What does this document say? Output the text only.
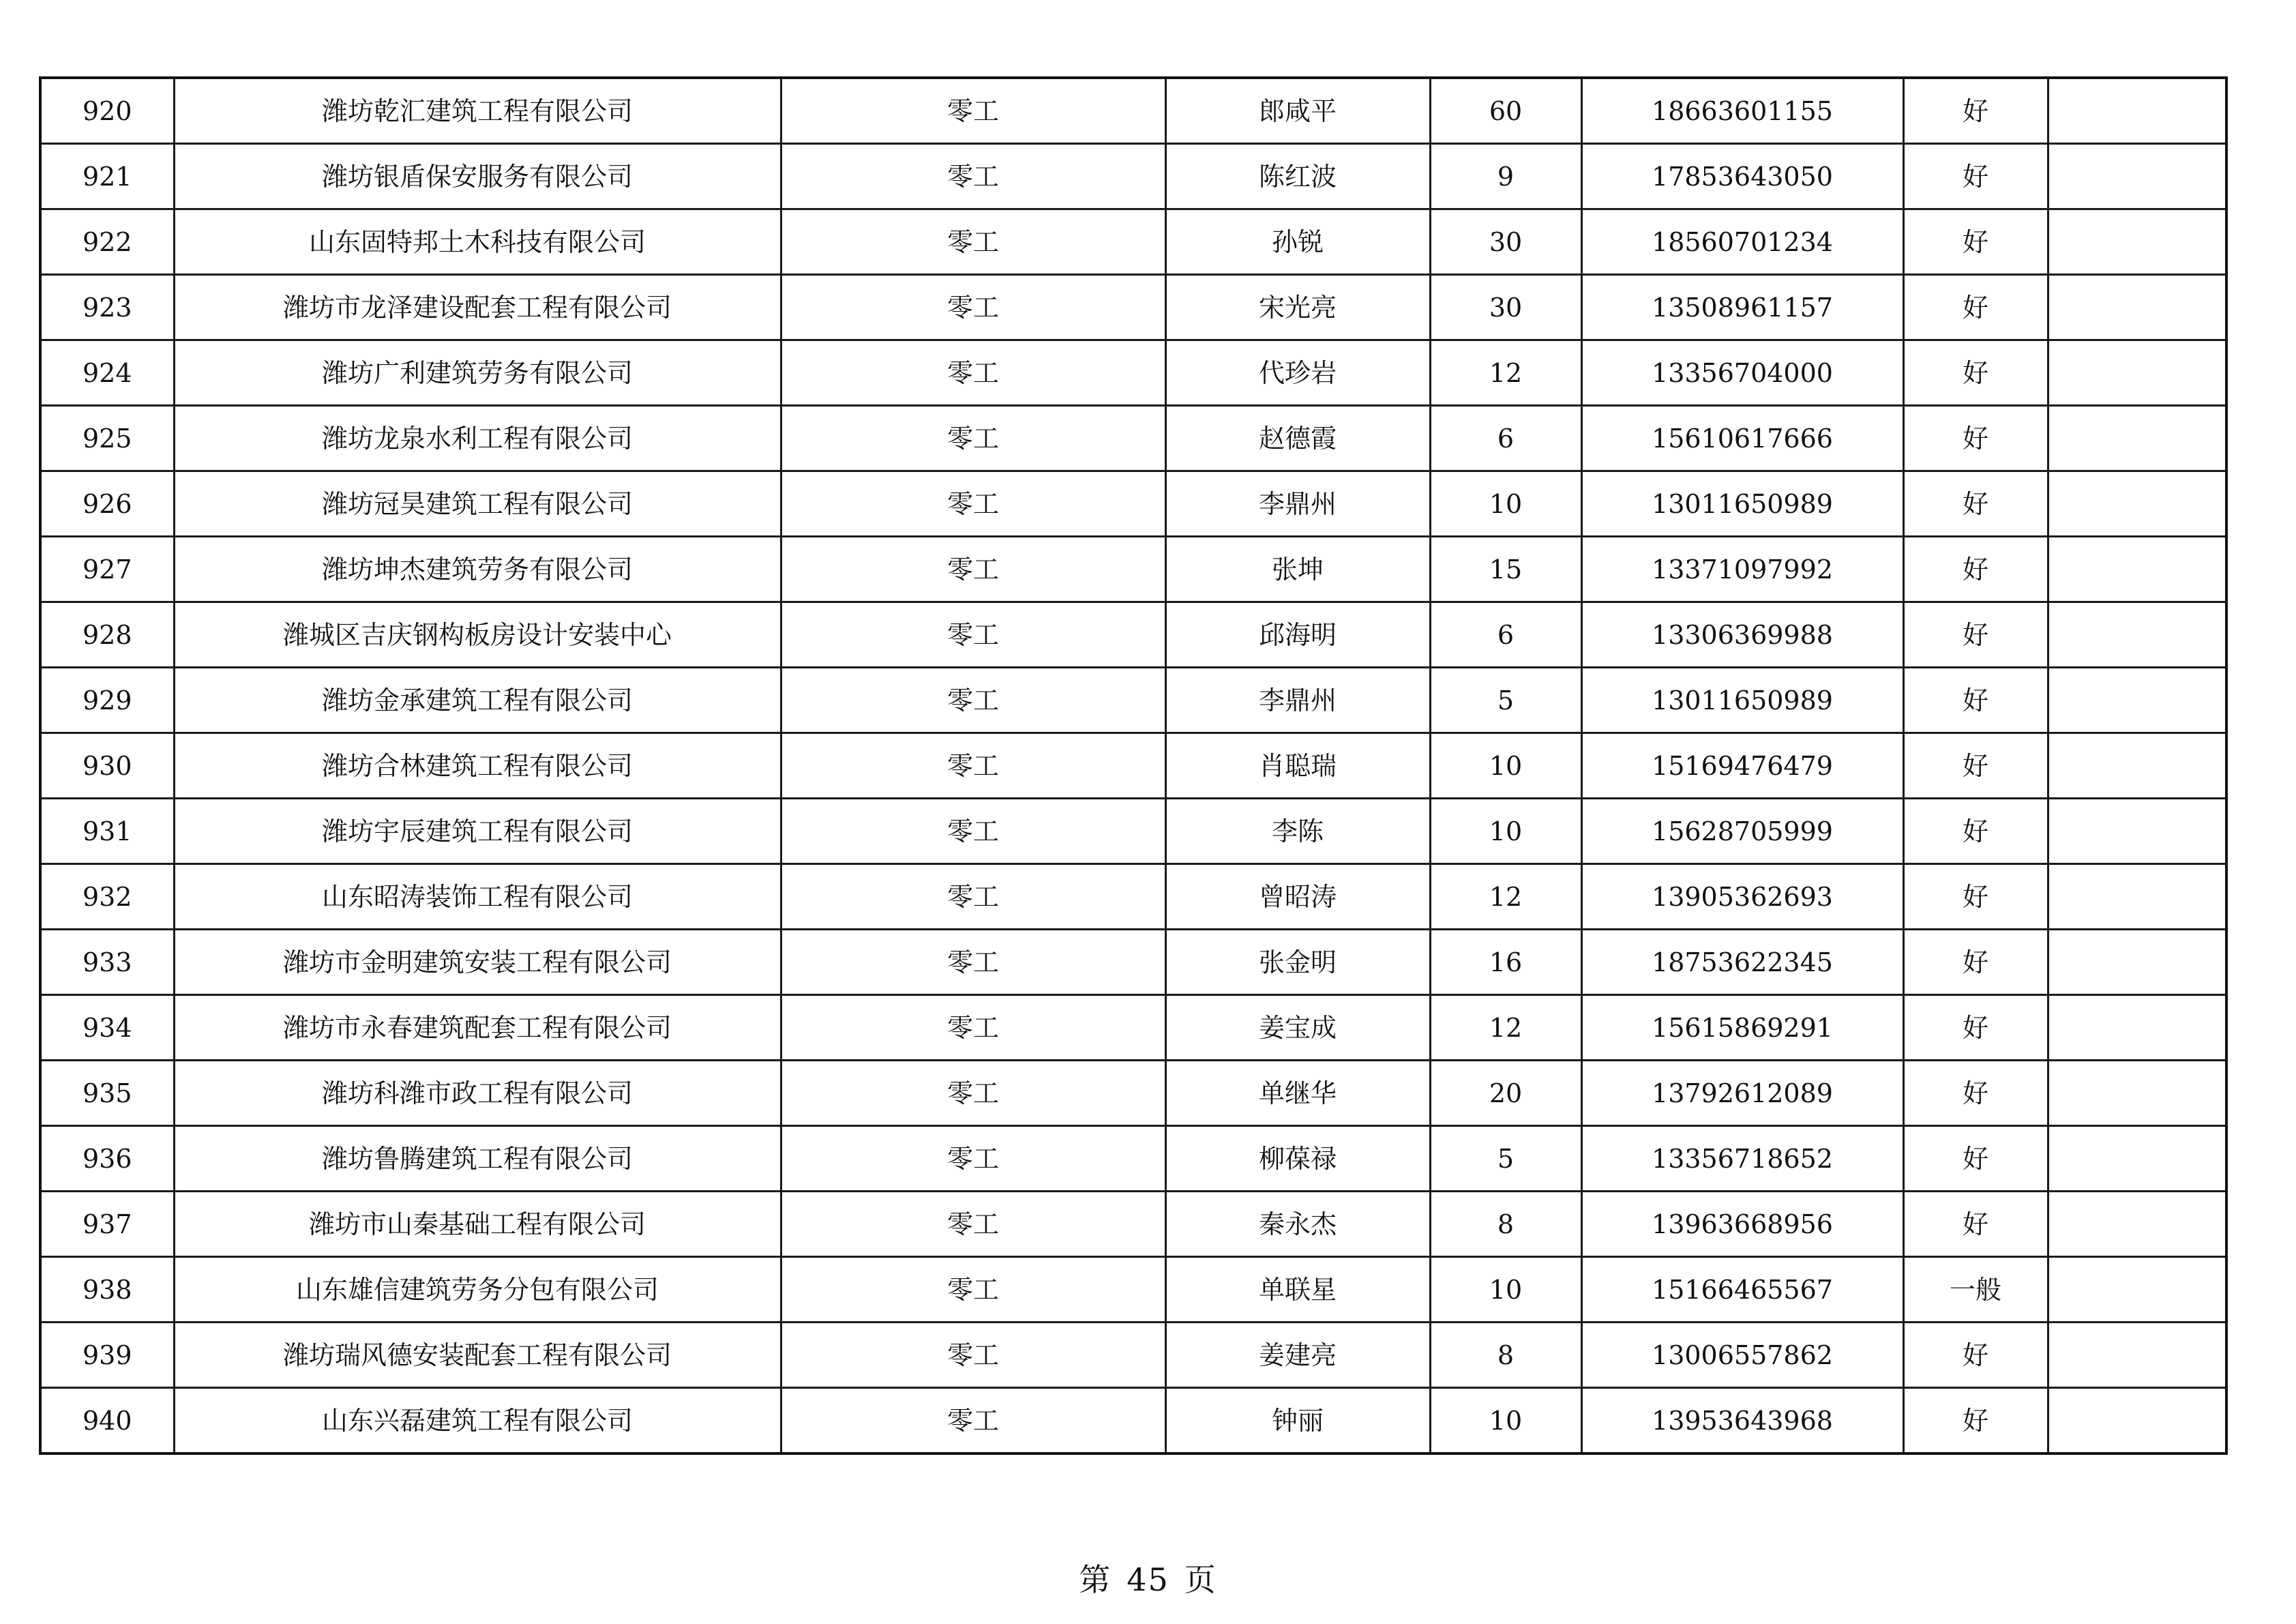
920	潍坊乾汇建筑工程有限公司	零工	郎咸平	60	18663601155	好	
921	潍坊银盾保安服务有限公司	零工	陈红波	9	17853643050	好	
922	山东固特邦土木科技有限公司	零工	孙锐	30	18560701234	好	
923	潍坊市龙泽建设配套工程有限公司	零工	宋光亮	30	13508961157	好	
924	潍坊广利建筑劳务有限公司	零工	代珍岩	12	13356704000	好	
925	潍坊龙泉水利工程有限公司	零工	赵德霞	6	15610617666	好	
926	潍坊冠昊建筑工程有限公司	零工	李鼎州	10	13011650989	好	
927	潍坊坤杰建筑劳务有限公司	零工	张坤	15	13371097992	好	
928	潍城区吉庆钢构板房设计安装中心	零工	邱海明	6	13306369988	好	
929	潍坊金承建筑工程有限公司	零工	李鼎州	5	13011650989	好	
930	潍坊合林建筑工程有限公司	零工	肖聪瑞	10	15169476479	好	
931	潍坊宇辰建筑工程有限公司	零工	李陈	10	15628705999	好	
932	山东昭涛装饰工程有限公司	零工	曾昭涛	12	13905362693	好	
933	潍坊市金明建筑安装工程有限公司	零工	张金明	16	18753622345	好	
934	潍坊市永春建筑配套工程有限公司	零工	姜宝成	12	15615869291	好	
935	潍坊科潍市政工程有限公司	零工	单继华	20	13792612089	好	
936	潍坊鲁腾建筑工程有限公司	零工	柳葆禄	5	13356718652	好	
937	潍坊市山秦基础工程有限公司	零工	秦永杰	8	13963668956	好	
938	山东雄信建筑劳务分包有限公司	零工	单联星	10	15166465567	一般	
939	潍坊瑞风德安装配套工程有限公司	零工	姜建亮	8	13006557862	好	
940	山东兴磊建筑工程有限公司	零工	钟丽	10	13953643968	好	
第 45 页
